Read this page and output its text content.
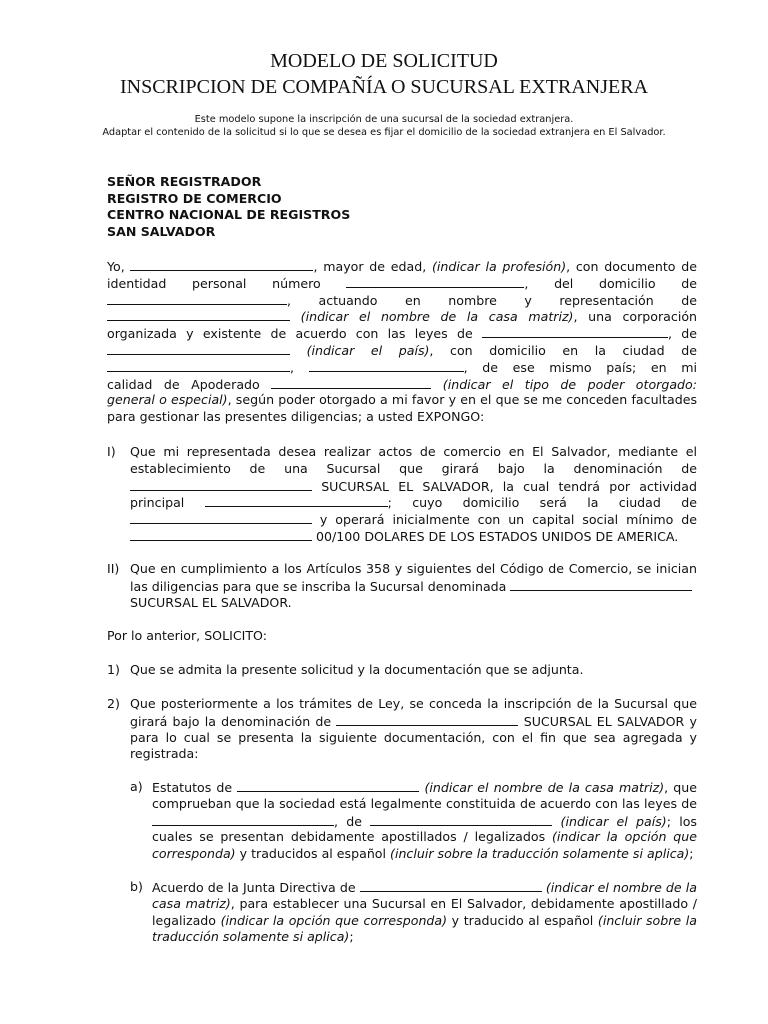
MODELO DE SOLICITUD
INSCRIPCION DE COMPAÑÍA O SUCURSAL EXTRANJERA
Este modelo supone la inscripción de una sucursal de la sociedad extranjera.
Adaptar el contenido de la solicitud si lo que se desea es fijar el domicilio de la sociedad extranjera en El Salvador.
SEÑOR REGISTRADOR
REGISTRO DE COMERCIO
CENTRO NACIONAL DE REGISTROS
SAN SALVADOR
Yo,	, mayor de edad, (indicar la profesión), con documento de
identidad personal número	, del domicilio de
, actuando en nombre y representación de
(indicar el nombre de la casa matriz), una corporación
organizada y existente de acuerdo con las leyes de	, de
(indicar el país), con domicilio en la ciudad de
,	, de ese mismo país; en mi
calidad de Apoderado	(indicar el tipo de poder otorgado:
general o especial), según poder otorgado a mi favor y en el que se me conceden facultades
para gestionar las presentes diligencias; a usted EXPONGO:
I) Que mi representada desea realizar actos de comercio en El Salvador, mediante el
establecimiento de una Sucursal que girará bajo la denominación de
SUCURSAL EL SALVADOR, la cual tendrá por actividad
principal	; cuyo domicilio será la ciudad de
y operará inicialmente con un capital social mínimo de
00/100 DOLARES DE LOS ESTADOS UNIDOS DE AMERICA.
II) Que en cumplimiento a los Artículos 358 y siguientes del Código de Comercio, se inician
las diligencias para que se inscriba la Sucursal denominada
SUCURSAL EL SALVADOR.
Por lo anterior, SOLICITO:
1) Que se admita la presente solicitud y la documentación que se adjunta.
2) Que posteriormente a los trámites de Ley, se conceda la inscripción de la Sucursal que
girará bajo la denominación de	SUCURSAL EL SALVADOR y
para lo cual se presenta la siguiente documentación, con el fin que sea agregada y
registrada:
a) Estatutos de	(indicar el nombre de la casa matriz), que
comprueban que la sociedad está legalmente constituida de acuerdo con las leyes de
, de	(indicar el país); los
cuales se presentan debidamente apostillados / legalizados (indicar la opción que
corresponda) y traducidos al español (incluir sobre la traducción solamente si aplica);
b) Acuerdo de la Junta Directiva de	(indicar el nombre de la
casa matriz), para establecer una Sucursal en El Salvador, debidamente apostillado /
legalizado (indicar la opción que corresponda) y traducido al español (incluir sobre la
traducción solamente si aplica);
